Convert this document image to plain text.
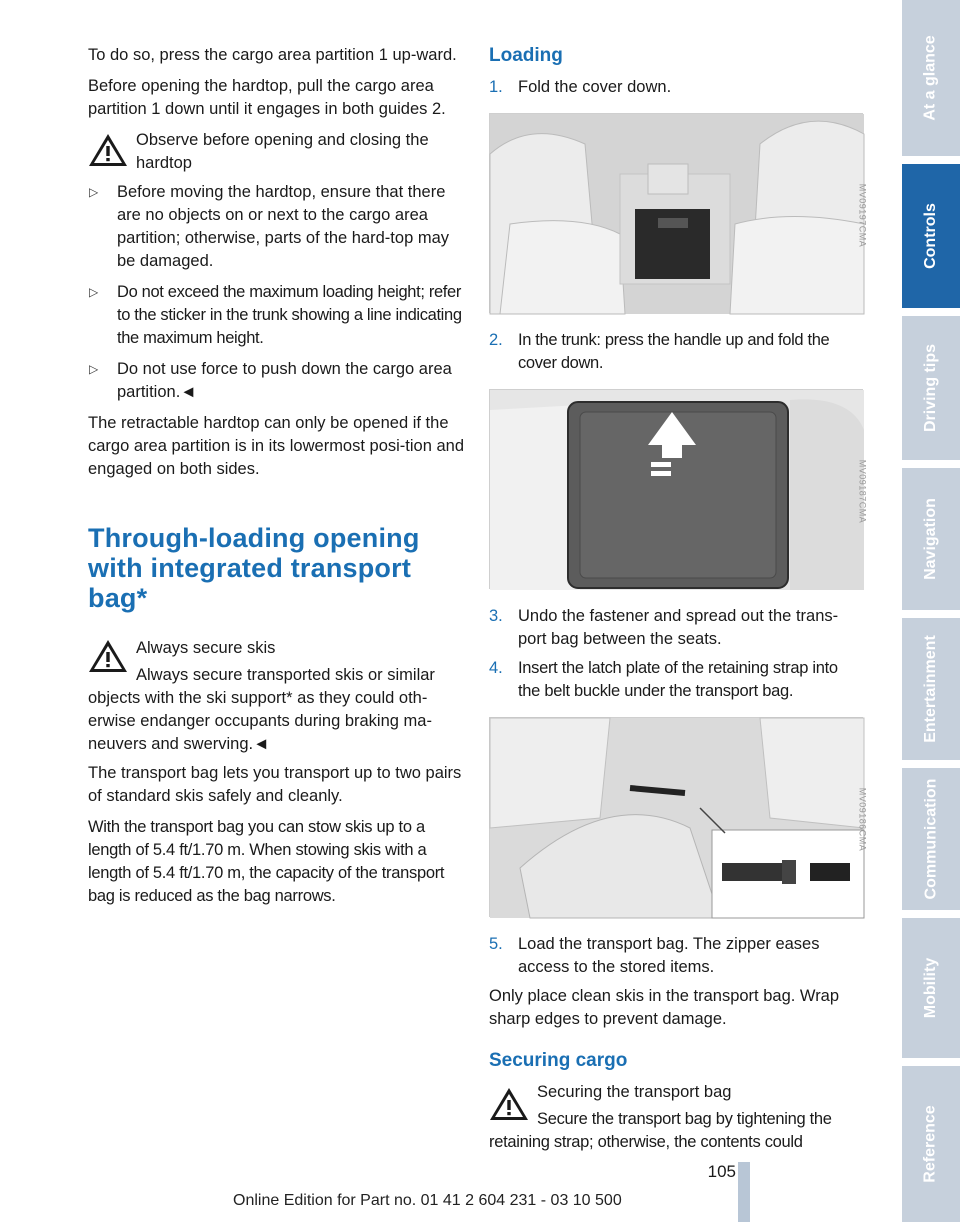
To do so, press the cargo area partition 1 up-ward.

Before opening the hardtop, pull the cargo area partition 1 down until it engages in both guides 2.

Observe before opening and closing the hardtop
▷ Before moving the hardtop, ensure that there are no objects on or next to the cargo area partition; otherwise, parts of the hard-top may be damaged.
▷ Do not exceed the maximum loading height; refer to the sticker in the trunk showing a line indicating the maximum height.
▷ Do not use force to push down the cargo area partition.◄

The retractable hardtop can only be opened if the cargo area partition is in its lowermost posi-tion and engaged on both sides.

Through-loading opening with integrated transport bag*
Always secure skis
Always secure transported skis or similar objects with the ski support* as they could oth-erwise endanger occupants during braking ma-neuvers and swerving.◄

The transport bag lets you transport up to two pairs of standard skis safely and cleanly.

With the transport bag you can stow skis up to a length of 5.4 ft/1.70 m. When stowing skis with a length of 5.4 ft/1.70 m, the capacity of the transport bag is reduced as the bag narrows.

Loading
1. Fold the cover down.
MV09197CMA
2. In the trunk: press the handle up and fold the cover down.
MV09187CMA
3. Undo the fastener and spread out the trans-port bag between the seats.
4. Insert the latch plate of the retaining strap into the belt buckle under the transport bag.
MV09186CMA
5. Load the transport bag. The zipper eases access to the stored items.

Only place clean skis in the transport bag. Wrap sharp edges to prevent damage.

Securing cargo
Securing the transport bag
Secure the transport bag by tightening the retaining strap; otherwise, the contents could
At a glance
Controls
Driving tips
Navigation
Entertainment
Communication
Mobility
Reference
105
Online Edition for Part no. 01 41 2 604 231 - 03 10 500
